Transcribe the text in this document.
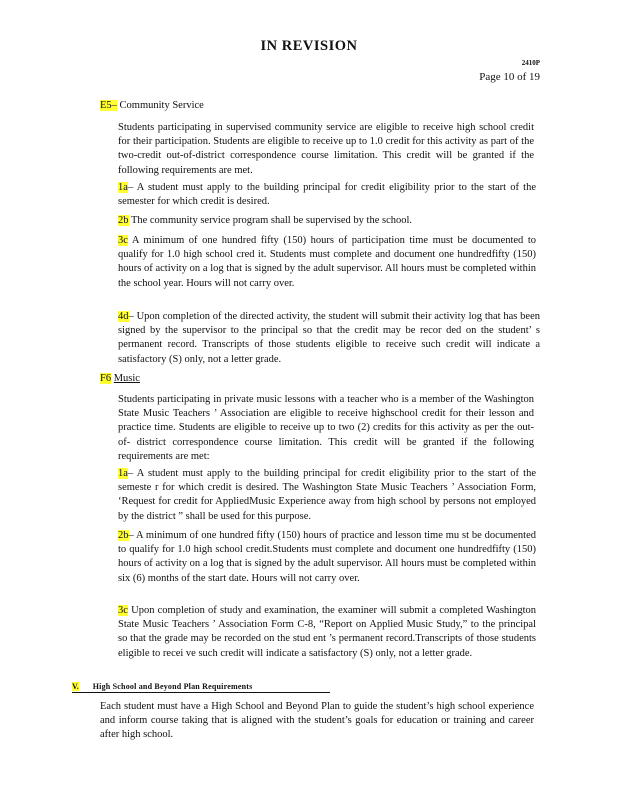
IN REVISION
2410P
Page 10 of 19
E5– Community Service
Students participating in supervised community service are eligible to receive high school credit for their participation. Students are eligible to receive up to 1.0 credit for this activity as part of the two-credit out-of-district correspondence course limitation. This credit will be granted if the following requirements are met.
1a– A student must apply to the building principal for credit eligibility prior to the start of the semester for which credit is desired.
2b The community service program shall be supervised by the school.
3c A minimum of one hundred fifty (150) hours of participation time must be documented to qualify for 1.0 high school cred it. Students must complete and document one hundredfifty (150) hours of activity on a log that is signed by the adult supervisor. All hours must be completed within the school year. Hours will not carry over.
4d– Upon completion of the directed activity, the student will submit their activity log that has been signed by the supervisor to the principal so that the credit may be recor ded on the student’ s permanent record. Transcripts of those students eligible to receive such credit will indicate a satisfactory (S) only, not a letter grade.
F6 Music
Students participating in private music lessons with a teacher who is a member of the Washington State Music Teachers ’ Association are eligible to receive highschool credit for their lesson and practice time. Students are eligible to receive up to two (2) credits for this activity as per the out-of- district correspondence course limitation. This credit will be granted if the following requirements are met:
1a– A student must apply to the building principal for credit eligibility prior to the start of the semeste r for which credit is desired. The Washington State Music Teachers ’ Association Form, ‘Request for credit for AppliedMusic Experience away from high school by persons not employed by the district ” shall be used for this purpose.
2b– A minimum of one hundred fifty (150) hours of practice and lesson time mu st be documented to qualify for 1.0 high school credit.Students must complete and document one hundredfifty (150) hours of activity on a log that is signed by the adult supervisor. All hours must be completed within six (6) months of the start date. Hours will not carry over.
3c Upon completion of study and examination, the examiner will submit a completed Washington State Music Teachers ’ Association Form C-8, “Report on Applied Music Study,” to the principal so that the grade may be recorded on the stud ent ’s permanent record.Transcripts of those students eligible to recei ve such credit will indicate a satisfactory (S) only, not a letter grade.
V. High School and Beyond Plan Requirements
Each student must have a High School and Beyond Plan to guide the student’s high school experience and inform course taking that is aligned with the student’s goals for education or training and career after high school.
